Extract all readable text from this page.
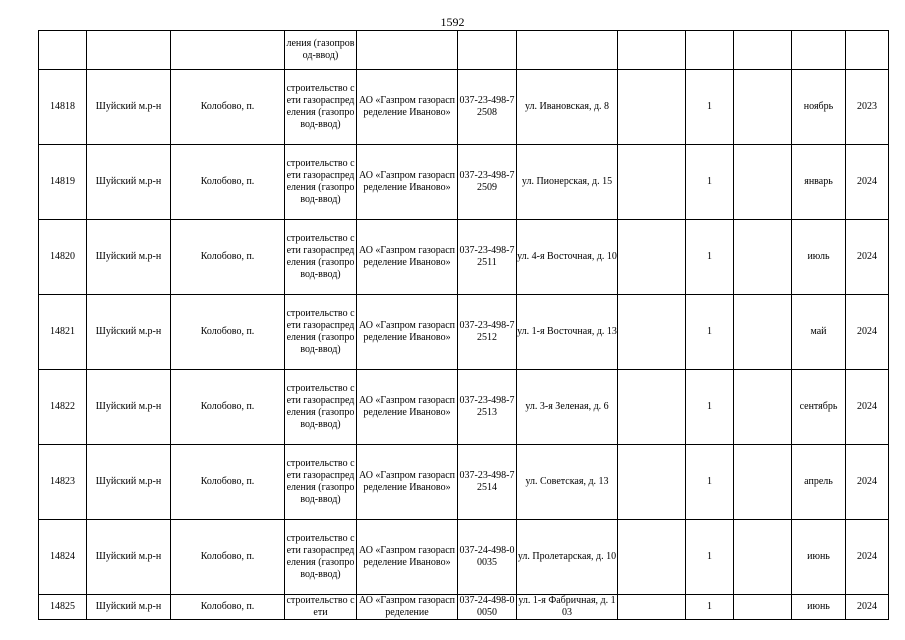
1592
			ления (газопровод-ввод)								
14818	Шуйский м.р-н	Колобово, п.	строительство сети газораспределения (газопровод-ввод)	АО «Газпром газораспределение Иваново»	037-23-498-72508	ул. Ивановская, д. 8		1		ноябрь	2023
14819	Шуйский м.р-н	Колобово, п.	строительство сети газораспределения (газопровод-ввод)	АО «Газпром газораспределение Иваново»	037-23-498-72509	ул. Пионерская, д. 15		1		январь	2024
14820	Шуйский м.р-н	Колобово, п.	строительство сети газораспределения (газопровод-ввод)	АО «Газпром газораспределение Иваново»	037-23-498-72511	ул. 4-я Восточная, д. 10		1		июль	2024
14821	Шуйский м.р-н	Колобово, п.	строительство сети газораспределения (газопровод-ввод)	АО «Газпром газораспределение Иваново»	037-23-498-72512	ул. 1-я Восточная, д. 13		1		май	2024
14822	Шуйский м.р-н	Колобово, п.	строительство сети газораспределения (газопровод-ввод)	АО «Газпром газораспределение Иваново»	037-23-498-72513	ул. 3-я Зеленая, д. 6		1		сентябрь	2024
14823	Шуйский м.р-н	Колобово, п.	строительство сети газораспределения (газопровод-ввод)	АО «Газпром газораспределение Иваново»	037-23-498-72514	ул. Советская, д. 13		1		апрель	2024
14824	Шуйский м.р-н	Колобово, п.	строительство сети газораспределения (газопровод-ввод)	АО «Газпром газораспределение Иваново»	037-24-498-00035	ул. Пролетарская, д. 10		1		июнь	2024
14825	Шуйский м.р-н	Колобово, п.	строительство сети	АО «Газпром газораспределение	037-24-498-00050	ул. 1-я Фабричная, д. 103		1		июнь	2024
